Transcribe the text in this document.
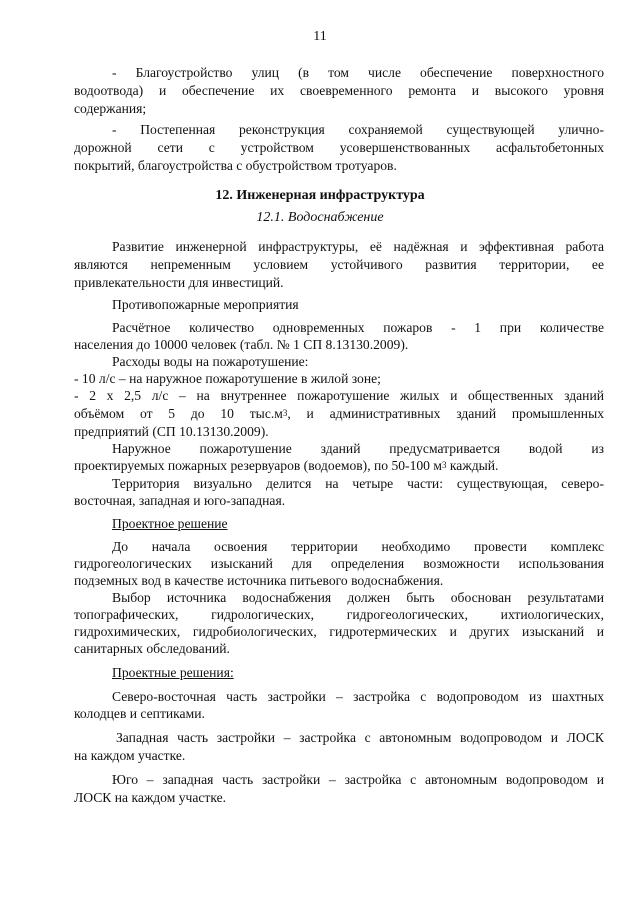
11
- Благоустройство улиц (в том числе обеспечение поверхностного
водоотвода) и обеспечение их своевременного ремонта и высокого уровня
содержания;
- Постепенная реконструкция сохраняемой существующей улично-
дорожной сети с устройством усовершенствованных асфальтобетонных
покрытий, благоустройства с обустройством тротуаров.
12. Инженерная инфраструктура
12.1. Водоснабжение
Развитие инженерной инфраструктуры, её надёжная и эффективная работа
являются непременным условием устойчивого развития территории, ее
привлекательности для инвестиций.
Противопожарные мероприятия
Расчётное количество одновременных пожаров - 1 при количестве
населения до 10000 человек (табл. № 1 СП 8.13130.2009).
Расходы воды на пожаротушение:
- 10 л/с – на наружное пожаротушение в жилой зоне;
- 2 х 2,5 л/с – на внутреннее пожаротушение жилых и общественных зданий
объёмом от 5 до 10 $тыс.м^3$, и административных зданий промышленных
предприятий (СП 10.13130.2009).
Наружное пожаротушение зданий предусматривается водой из
проектируемых пожарных резервуаров (водоемов), по 50-100 $м^3$ каждый.
Территория визуально делится на четыре части: существующая, северо-
восточная, западная и юго-западная.
Проектное решение
До начала освоения территории необходимо провести комплекс
гидрогеологических изысканий для определения возможности использования
подземных вод в качестве источника питьевого водоснабжения.
Выбор источника водоснабжения должен быть обоснован результатами
топографических, гидрологических, гидрогеологических, ихтиологических,
гидрохимических, гидробиологических, гидротермических и других изысканий и
санитарных обследований.
Проектные решения:
Северо-восточная часть застройки – застройка с водопроводом из шахтных
колодцев и септиками.
Западная часть застройки – застройка с автономным водопроводом и ЛОСК
на каждом участке.
Юго – западная часть застройки – застройка с автономным водопроводом и
ЛОСК на каждом участке.
